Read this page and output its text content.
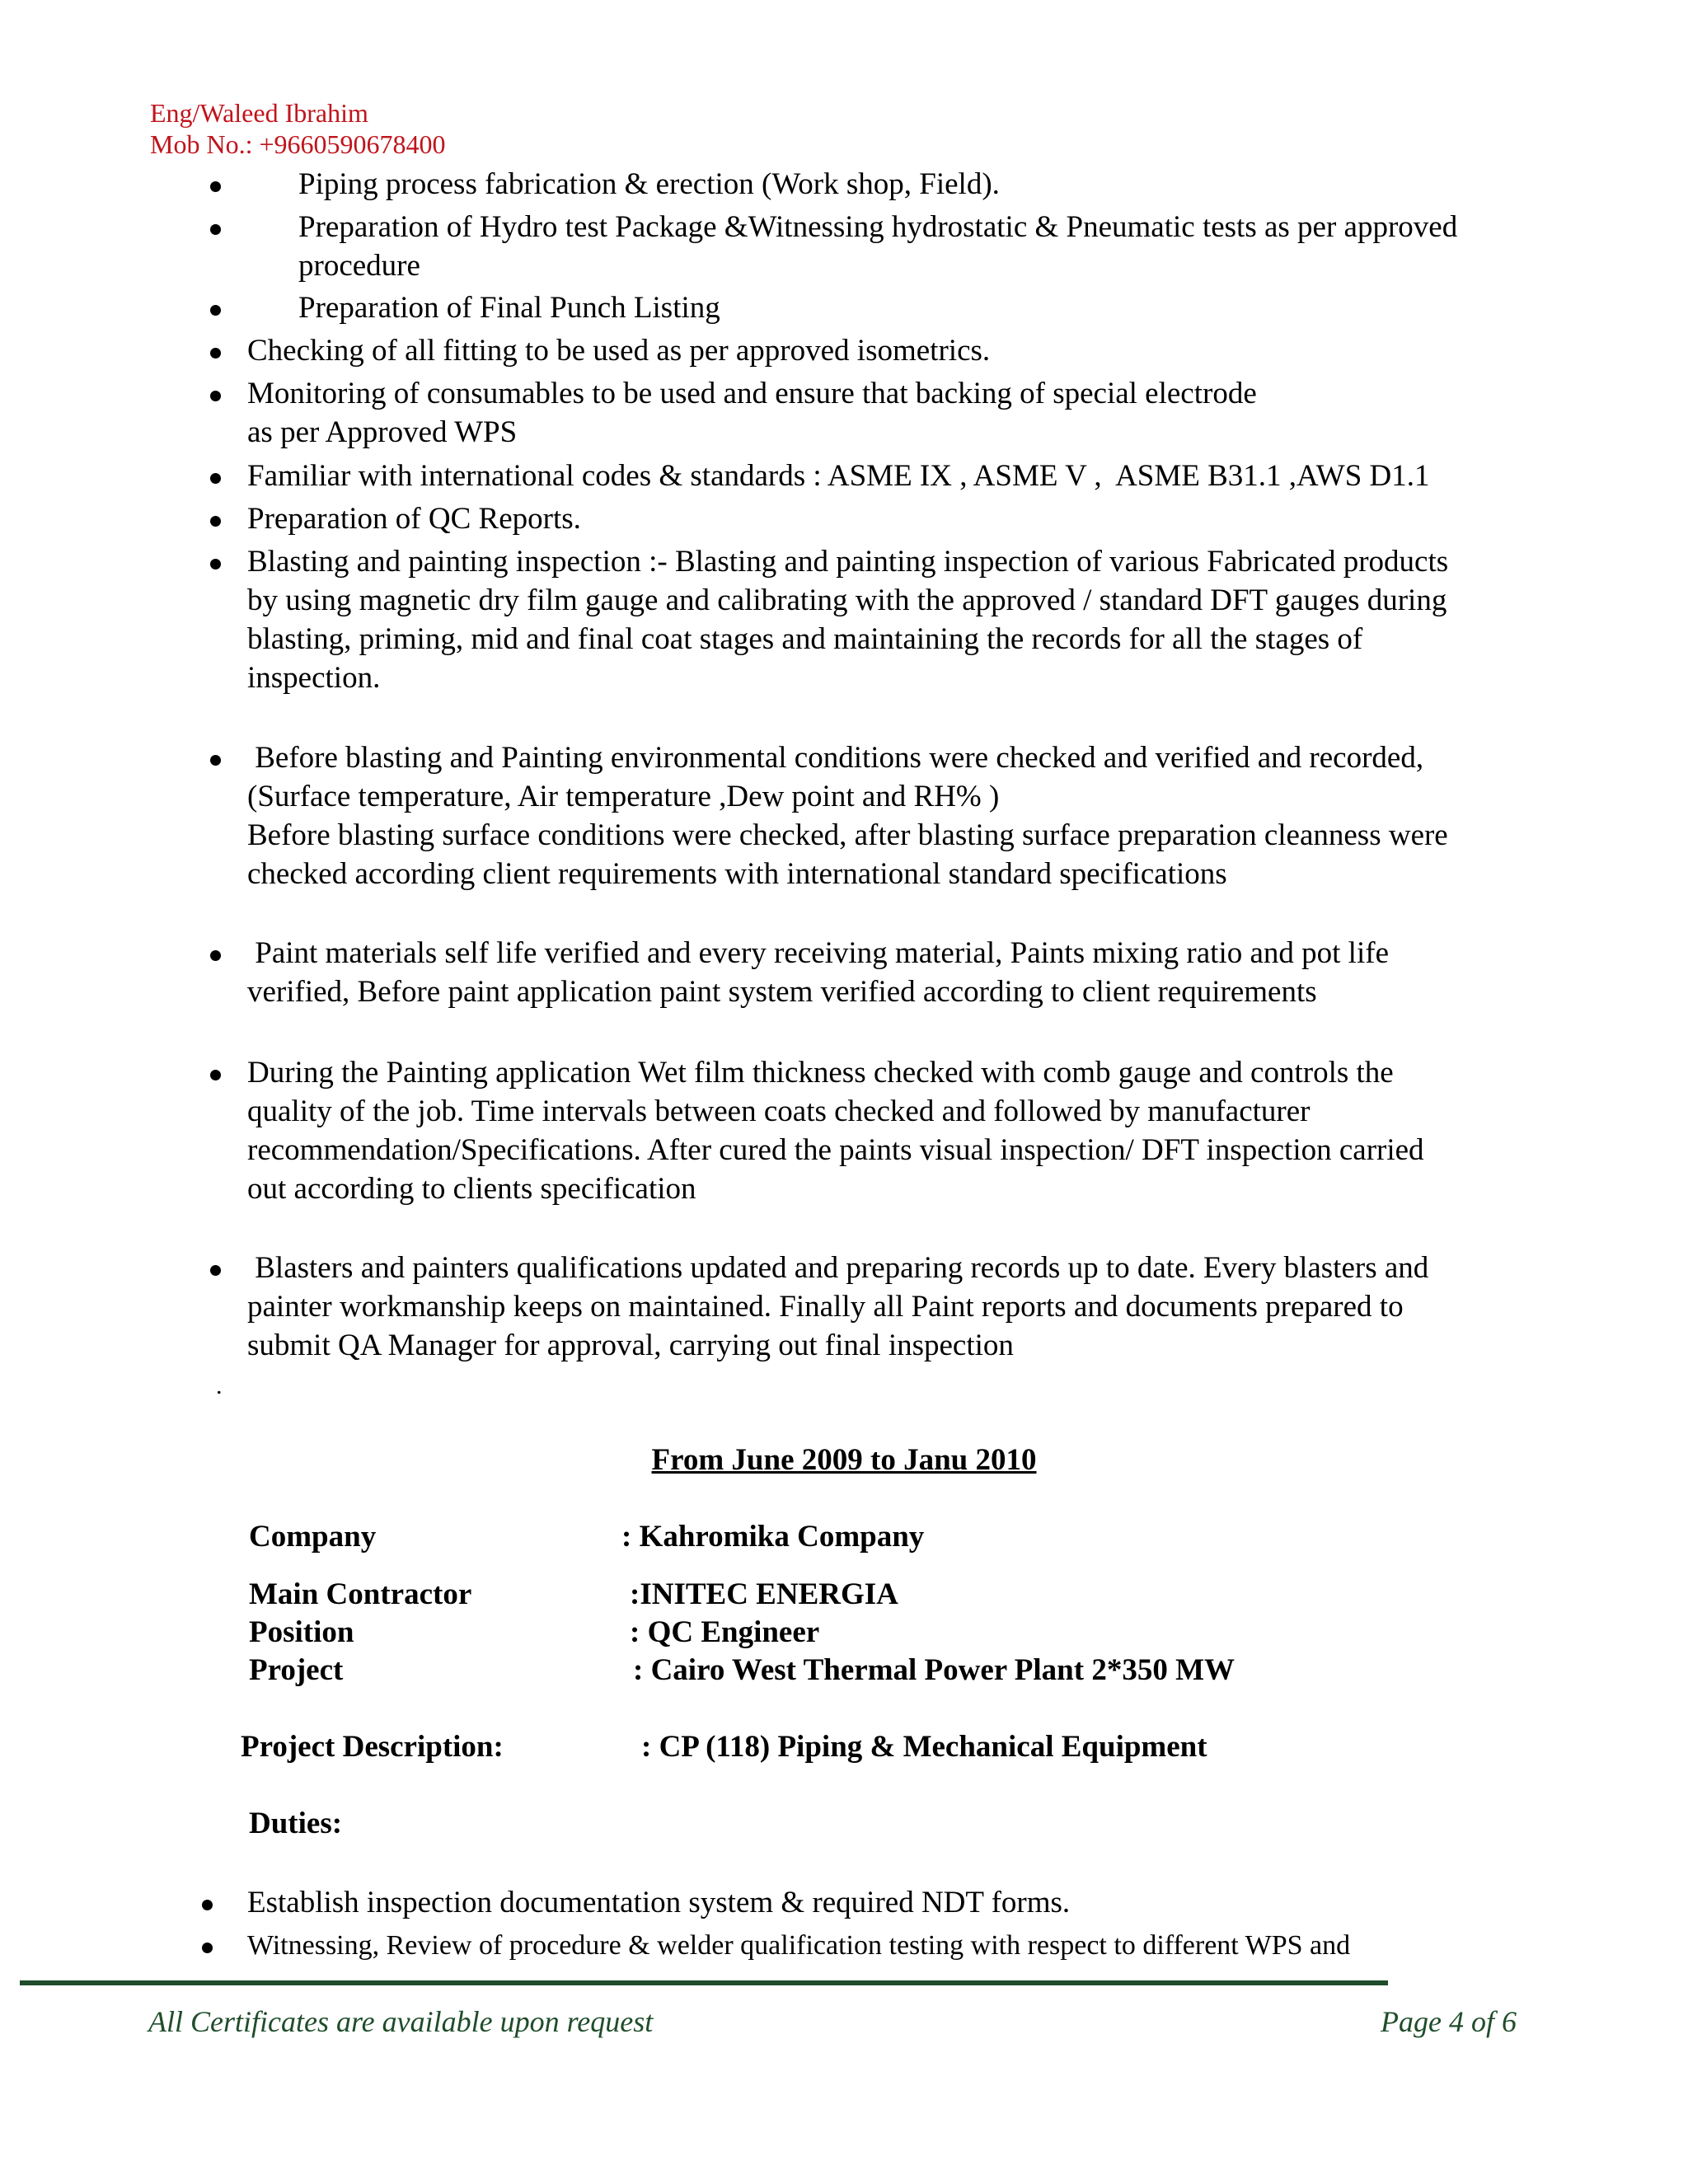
Eng/Waleed Ibrahim
Mob No.: +9660590678400
Piping process fabrication & erection (Work shop, Field).
Preparation of Hydro test Package &Witnessing hydrostatic & Pneumatic tests as per approved
procedure
Preparation of Final Punch Listing
Checking of all fitting to be used as per approved isometrics.
Monitoring of consumables to be used and ensure that backing of special electrode
as per Approved WPS
Familiar with international codes & standards : ASME IX , ASME V ,  ASME B31.1 ,AWS D1.1
Preparation of QC Reports.
Blasting and painting inspection :- Blasting and painting inspection of various Fabricated products
by using magnetic dry film gauge and calibrating with the approved / standard DFT gauges during
blasting, priming, mid and final coat stages and maintaining the records for all the stages of
inspection.
Before blasting and Painting environmental conditions were checked and verified and recorded,
(Surface temperature, Air temperature ,Dew point and RH% )
Before blasting surface conditions were checked, after blasting surface preparation cleanness were
checked according client requirements with international standard specifications
Paint materials self life verified and every receiving material, Paints mixing ratio and pot life
verified, Before paint application paint system verified according to client requirements
During the Painting application Wet film thickness checked with comb gauge and controls the
quality of the job. Time intervals between coats checked and followed by manufacturer
recommendation/Specifications. After cured the paints visual inspection/ DFT inspection carried
out according to clients specification
Blasters and painters qualifications updated and preparing records up to date. Every blasters and
painter workmanship keeps on maintained. Finally all Paint reports and documents prepared to
submit QA Manager for approval, carrying out final inspection
.
From June 2009 to Janu 2010
Company	: Kahromika Company
Main Contractor	:INITEC ENERGIA
Position	: QC Engineer
Project	: Cairo West Thermal Power Plant 2*350 MW
Project Description:	: CP (118) Piping & Mechanical Equipment
Duties:
Establish inspection documentation system & required NDT forms.
Witnessing, Review of procedure & welder qualification testing with respect to different WPS and
All Certificates are available upon request	Page 4 of 6
